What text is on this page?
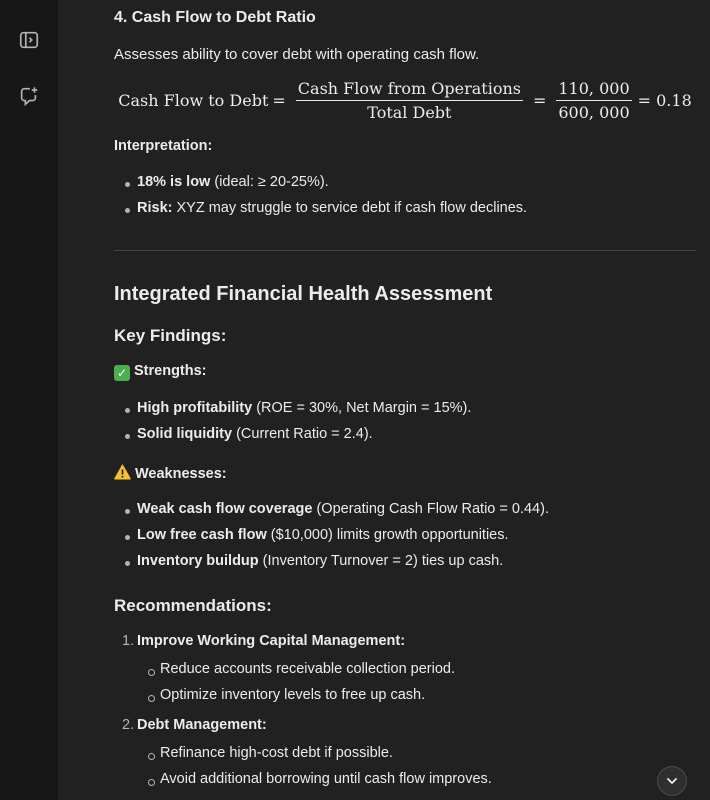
4. Cash Flow to Debt Ratio
Assesses ability to cover debt with operating cash flow.
Cash Flow to Debt = $\frac{\text{Cash Flow from Operations}}{\text{Total Debt}} = \frac{110, 000}{600, 000} = 0.18$
Interpretation:
18% is low (ideal: ≥ 20-25%).
Risk: XYZ may struggle to service debt if cash flow declines.
Integrated Financial Health Assessment
Key Findings:
✓ Strengths:
High profitability (ROE = 30%, Net Margin = 15%).
Solid liquidity (Current Ratio = 2.4).
Weaknesses:
Weak cash flow coverage (Operating Cash Flow Ratio = 0.44).
Low free cash flow ($10,000) limits growth opportunities.
Inventory buildup (Inventory Turnover = 2) ties up cash.
Recommendations:
1. Improve Working Capital Management:
Reduce accounts receivable collection period.
Optimize inventory levels to free up cash.
2. Debt Management:
Refinance high-cost debt if possible.
Avoid additional borrowing until cash flow improves.
